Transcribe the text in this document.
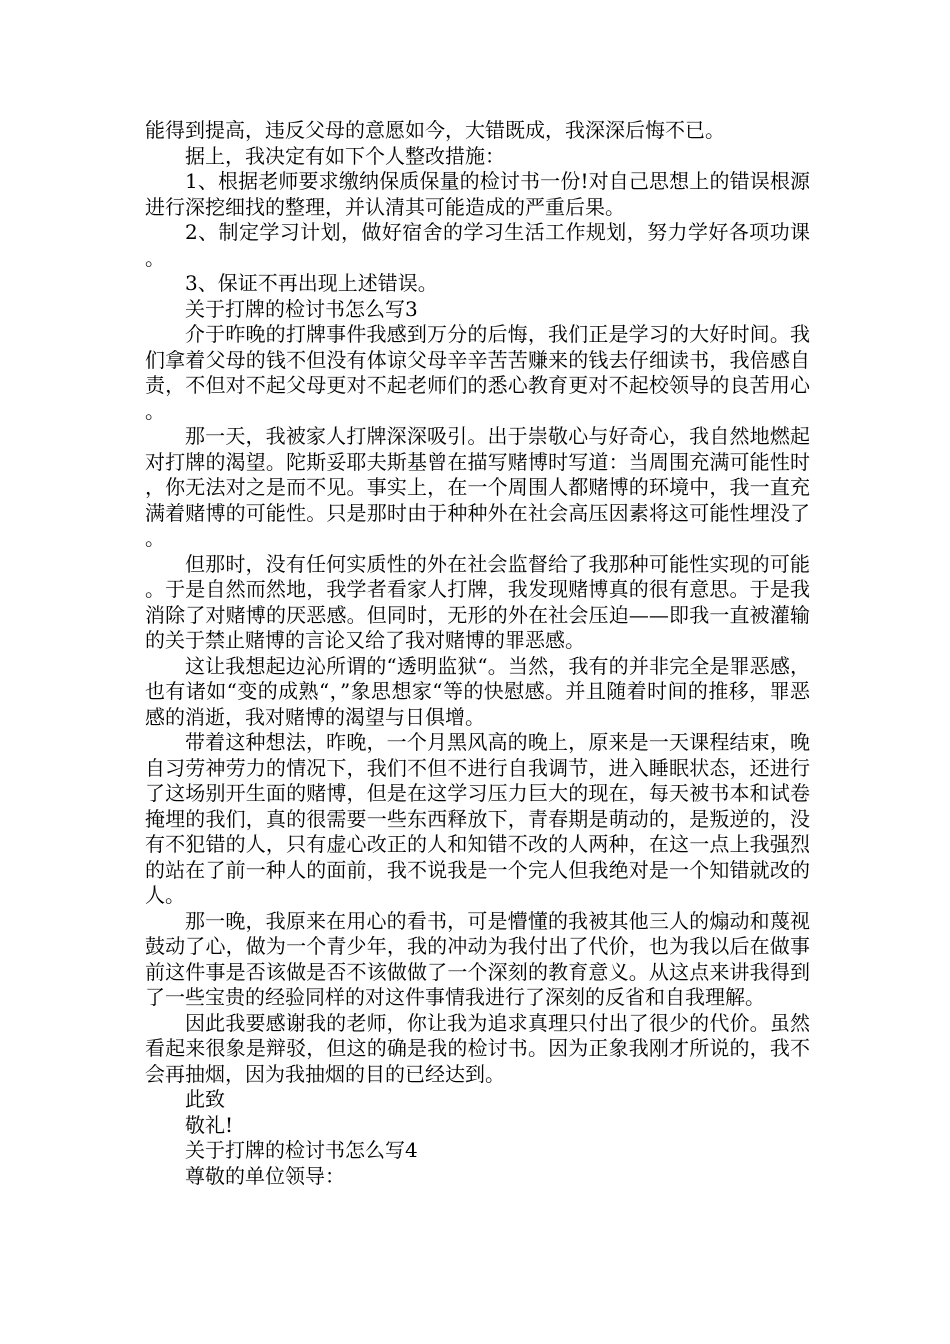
能得到提高，违反父母的意愿如今，大错既成，我深深后悔不已。

据上，我决定有如下个人整改措施：

1、根据老师要求缴纳保质保量的检讨书一份!对自己思想上的错误根源进行深挖细找的整理，并认清其可能造成的严重后果。

2、制定学习计划，做好宿舍的学习生活工作规划，努力学好各项功课。

3、保证不再出现上述错误。

关于打牌的检讨书怎么写3

介于昨晚的打牌事件我感到万分的后悔，我们正是学习的大好时间。我们拿着父母的钱不但没有体谅父母辛辛苦苦赚来的钱去仔细读书，我倍感自责，不但对不起父母更对不起老师们的悉心教育更对不起校领导的良苦用心。

那一天，我被家人打牌深深吸引。出于崇敬心与好奇心，我自然地燃起对打牌的渴望。陀斯妥耶夫斯基曾在描写赌博时写道：当周围充满可能性时，你无法对之是而不见。事实上，在一个周围人都赌博的环境中，我一直充满着赌博的可能性。只是那时由于种种外在社会高压因素将这可能性埋没了。

但那时，没有任何实质性的外在社会监督给了我那种可能性实现的可能。于是自然而然地，我学者看家人打牌，我发现赌博真的很有意思。于是我消除了对赌博的厌恶感。但同时，无形的外在社会压迫——即我一直被灌输的关于禁止赌博的言论又给了我对赌博的罪恶感。

这让我想起边沁所谓的“透明监狱“。当然，我有的并非完全是罪恶感，也有诸如“变的成熟“，”象思想家“等的快慰感。并且随着时间的推移，罪恶感的消逝，我对赌博的渴望与日俱增。

带着这种想法，昨晚，一个月黑风高的晚上，原来是一天课程结束，晚自习劳神劳力的情况下，我们不但不进行自我调节，进入睡眠状态，还进行了这场别开生面的赌博，但是在这学习压力巨大的现在，每天被书本和试卷掩埋的我们，真的很需要一些东西释放下，青春期是萌动的，是叛逆的，没有不犯错的人，只有虚心改正的人和知错不改的人两种，在这一点上我强烈的站在了前一种人的面前，我不说我是一个完人但我绝对是一个知错就改的人。

那一晚，我原来在用心的看书，可是懵懂的我被其他三人的煽动和蔑视鼓动了心，做为一个青少年，我的冲动为我付出了代价，也为我以后在做事前这件事是否该做是否不该做做了一个深刻的教育意义。从这点来讲我得到了一些宝贵的经验同样的对这件事情我进行了深刻的反省和自我理解。

因此我要感谢我的老师，你让我为追求真理只付出了很少的代价。虽然看起来很象是辩驳，但这的确是我的检讨书。因为正象我刚才所说的，我不会再抽烟，因为我抽烟的目的已经达到。

此致

敬礼!

关于打牌的检讨书怎么写4

尊敬的单位领导：
